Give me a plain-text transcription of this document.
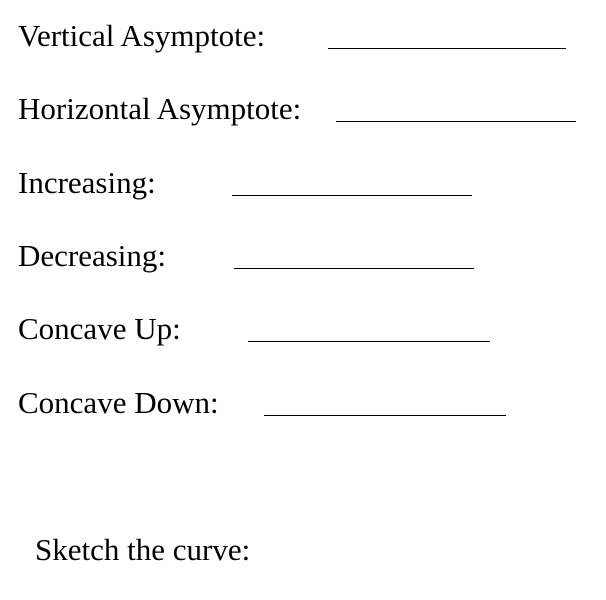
Vertical Asymptote:
Horizontal Asymptote:
Increasing:
Decreasing:
Concave Up:
Concave Down:
Sketch the curve:
